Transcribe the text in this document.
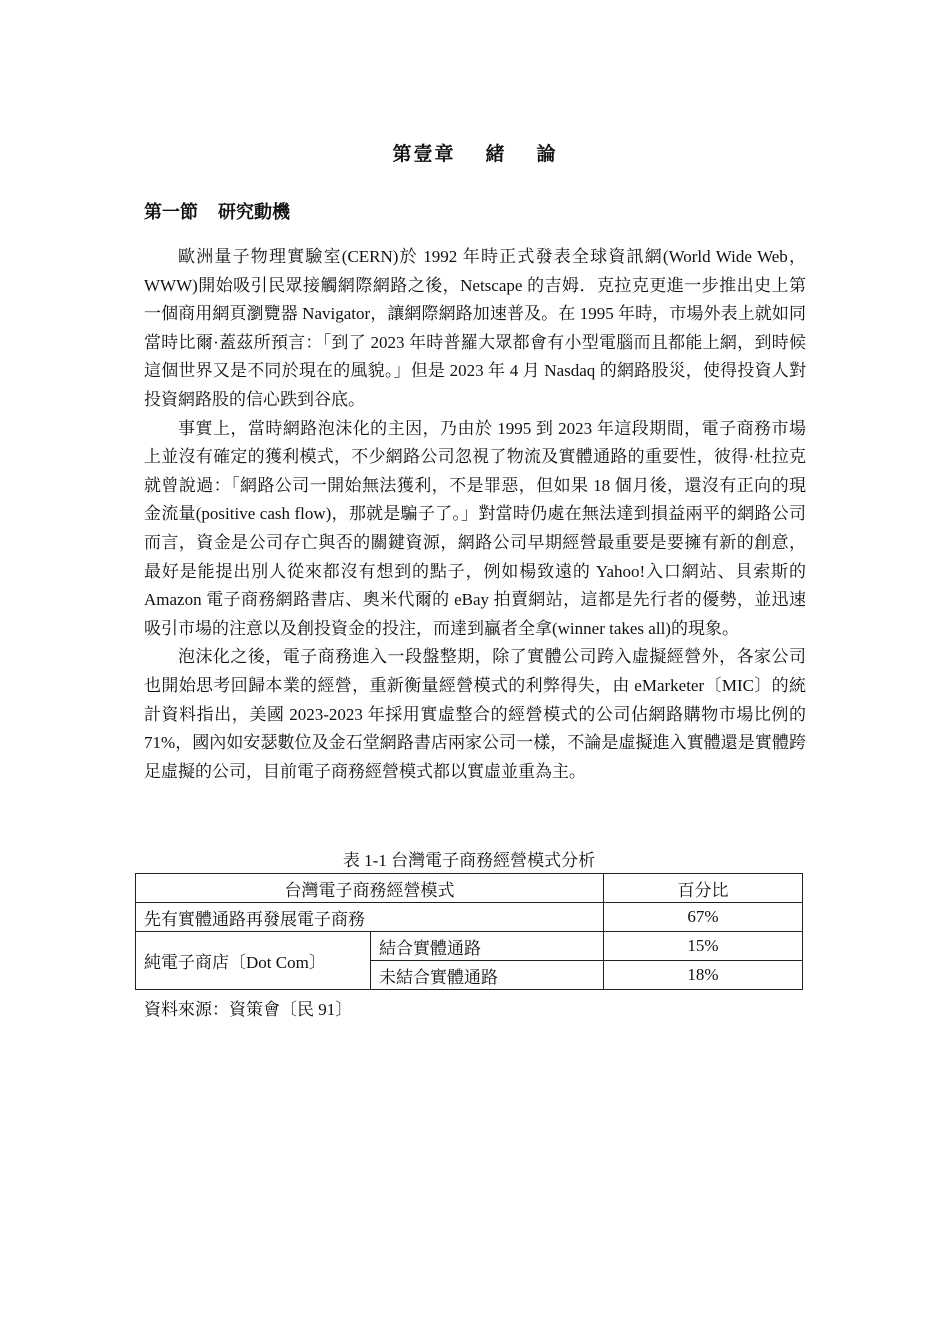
第壹章 緒 論
第一節 研究動機

歐洲量子物理實驗室(CERN)於 1992 年時正式發表全球資訊網(World Wide Web，WWW)開始吸引民眾接觸網際網路之後，Netscape 的吉姆．克拉克更進一步推出史上第一個商用網頁瀏覽器 Navigator，讓網際網路加速普及。在 1995 年時，市場外表上就如同當時比爾·蓋茲所預言：「到了 2023 年時普羅大眾都會有小型電腦而且都能上網，到時候這個世界又是不同於現在的風貌。」但是 2023 年 4 月 Nasdaq 的網路股災，使得投資人對投資網路股的信心跌到谷底。

事實上，當時網路泡沫化的主因，乃由於 1995 到 2023 年這段期間，電子商務市場上並沒有確定的獲利模式，不少網路公司忽視了物流及實體通路的重要性，彼得·杜拉克就曾說過：「網路公司一開始無法獲利，不是罪惡，但如果 18 個月後，還沒有正向的現金流量(positive cash flow)，那就是騙子了。」對當時仍處在無法達到損益兩平的網路公司而言，資金是公司存亡與否的關鍵資源，網路公司早期經營最重要是要擁有新的創意，最好是能提出別人從來都沒有想到的點子，例如楊致遠的 Yahoo!入口網站、貝索斯的 Amazon 電子商務網路書店、奧米代爾的 eBay 拍賣網站，這都是先行者的優勢，並迅速吸引市場的注意以及創投資金的投注，而達到贏者全拿(winner takes all)的現象。

泡沫化之後，電子商務進入一段盤整期，除了實體公司跨入虛擬經營外，各家公司也開始思考回歸本業的經營，重新衡量經營模式的利弊得失，由 eMarketer〔MIC〕的統計資料指出，美國 2023-2023 年採用實虛整合的經營模式的公司佔網路購物市場比例的 71%，國內如安瑟數位及金石堂網路書店兩家公司一樣，不論是虛擬進入實體還是實體跨足虛擬的公司，目前電子商務經營模式都以實虛並重為主。

表 1-1 台灣電子商務經營模式分析
台灣電子商務經營模式		百分比
先有實體通路再發展電子商務		67%
純電子商店〔Dot Com〕	結合實體通路	15%
	未結合實體通路	18%
資料來源：資策會〔民 91〕
